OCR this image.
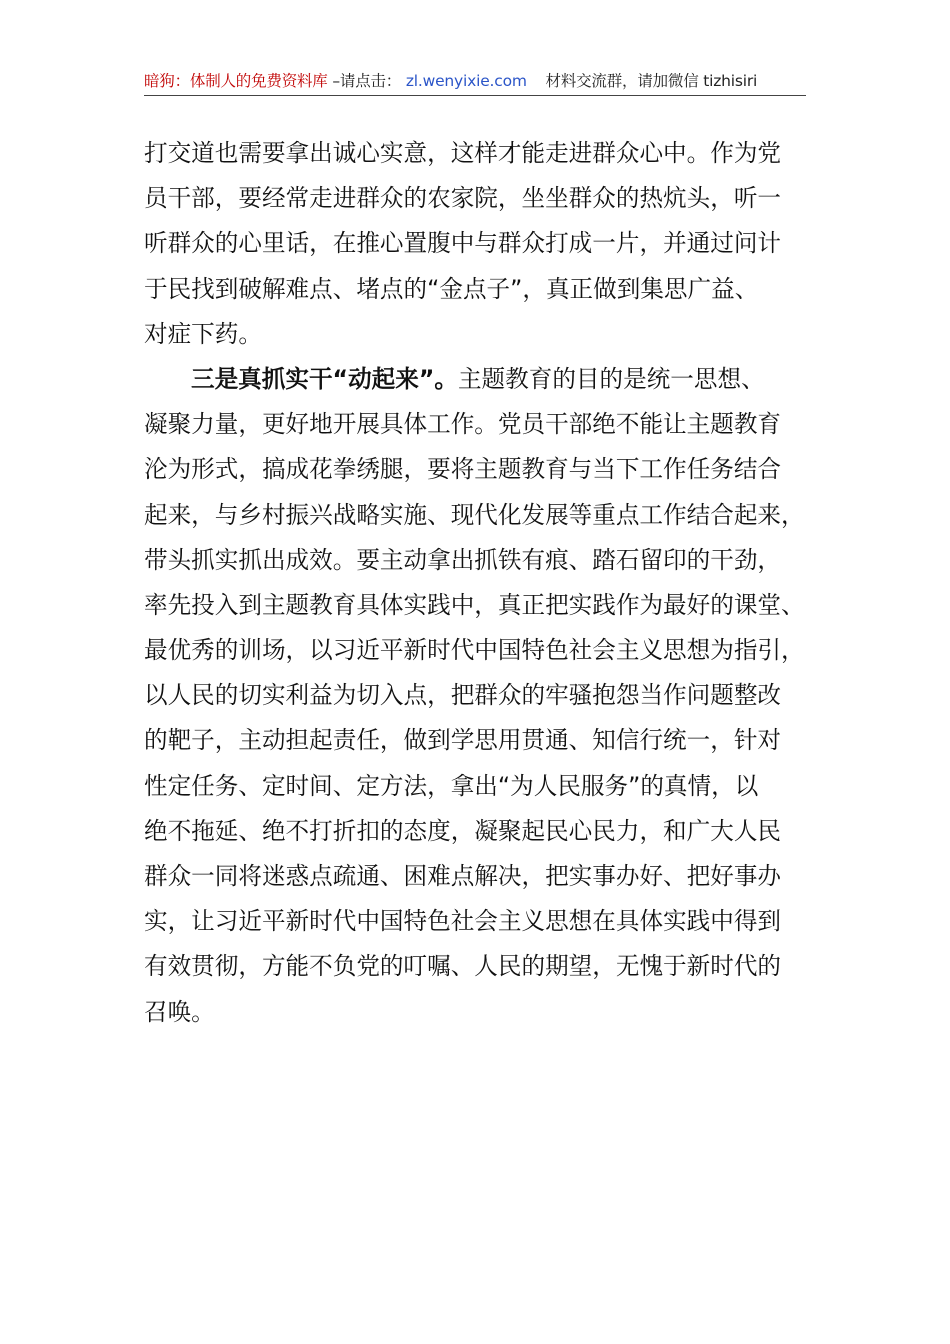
暗狗：体制人的免费资料库 –请点击： zl.wenyixie.com 材料交流群，请加微信 tizhisiri
打交道也需要拿出诚心实意，这样才能走进群众心中。作为党
员干部，要经常走进群众的农家院，坐坐群众的热炕头，听一
听群众的心里话，在推心置腹中与群众打成一片，并通过问计
于民找到破解难点、堵点的“金点子”，真正做到集思广益、
对症下药。
三是真抓实干“动起来”。主题教育的目的是统一思想、
凝聚力量，更好地开展具体工作。党员干部绝不能让主题教育
沦为形式，搞成花拳绣腿，要将主题教育与当下工作任务结合
起来，与乡村振兴战略实施、现代化发展等重点工作结合起来，
带头抓实抓出成效。要主动拿出抓铁有痕、踏石留印的干劲，
率先投入到主题教育具体实践中，真正把实践作为最好的课堂、
最优秀的训场，以习近平新时代中国特色社会主义思想为指引，
以人民的切实利益为切入点，把群众的牢骚抱怨当作问题整改
的靶子，主动担起责任，做到学思用贯通、知信行统一，针对
性定任务、定时间、定方法，拿出“为人民服务”的真情，以
绝不拖延、绝不打折扣的态度，凝聚起民心民力，和广大人民
群众一同将迷惑点疏通、困难点解决，把实事办好、把好事办
实，让习近平新时代中国特色社会主义思想在具体实践中得到
有效贯彻，方能不负党的叮嘱、人民的期望，无愧于新时代的
召唤。
